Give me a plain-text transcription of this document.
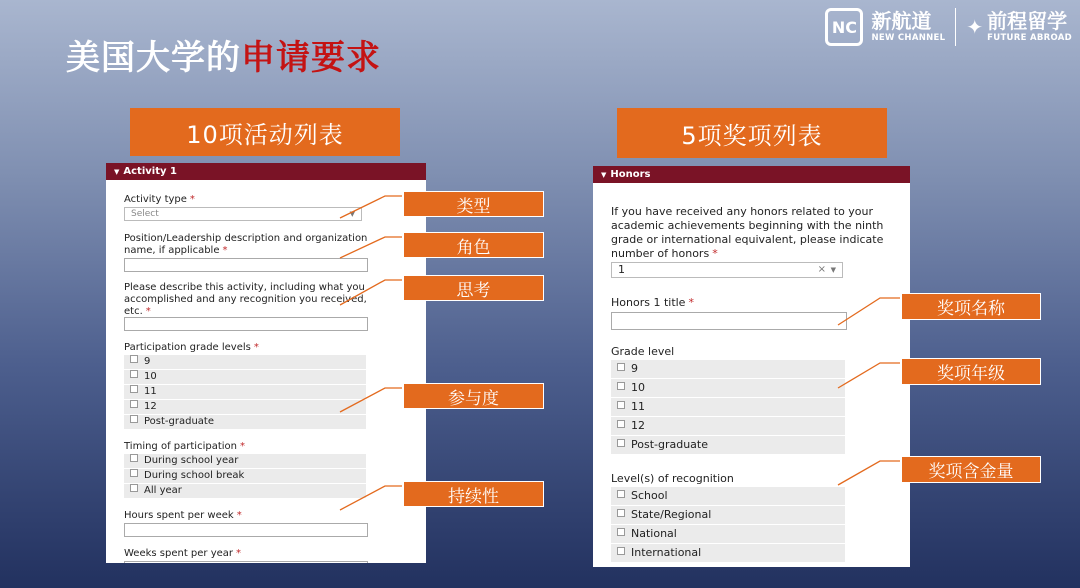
美国大学的申请要求
NC 新航道
NEW CHANNEL ✦ 前程留学
FUTURE ABROAD
10项活动列表	5项奖项列表
▼ Activity 1
Activity type *
Select	▼
Position/Leadership description and organization
name, if applicable *
Please describe this activity, including what you
accomplished and any recognition you received,
etc. *
Participation grade levels *
9
10
11
12
Post-graduate
Timing of participation *
During school year
During school break
All year
Hours spent per week *
Weeks spent per year *
▼ Honors
If you have received any honors related to your
academic achievements beginning with the ninth
grade or international equivalent, please indicate
number of honors *
1	× ▼
Honors 1 title *
Grade level
9
10
11
12
Post-graduate
Level(s) of recognition
School
State/Regional
National
International
类型
角色
思考
参与度
持续性
奖项名称
奖项年级
奖项含金量
